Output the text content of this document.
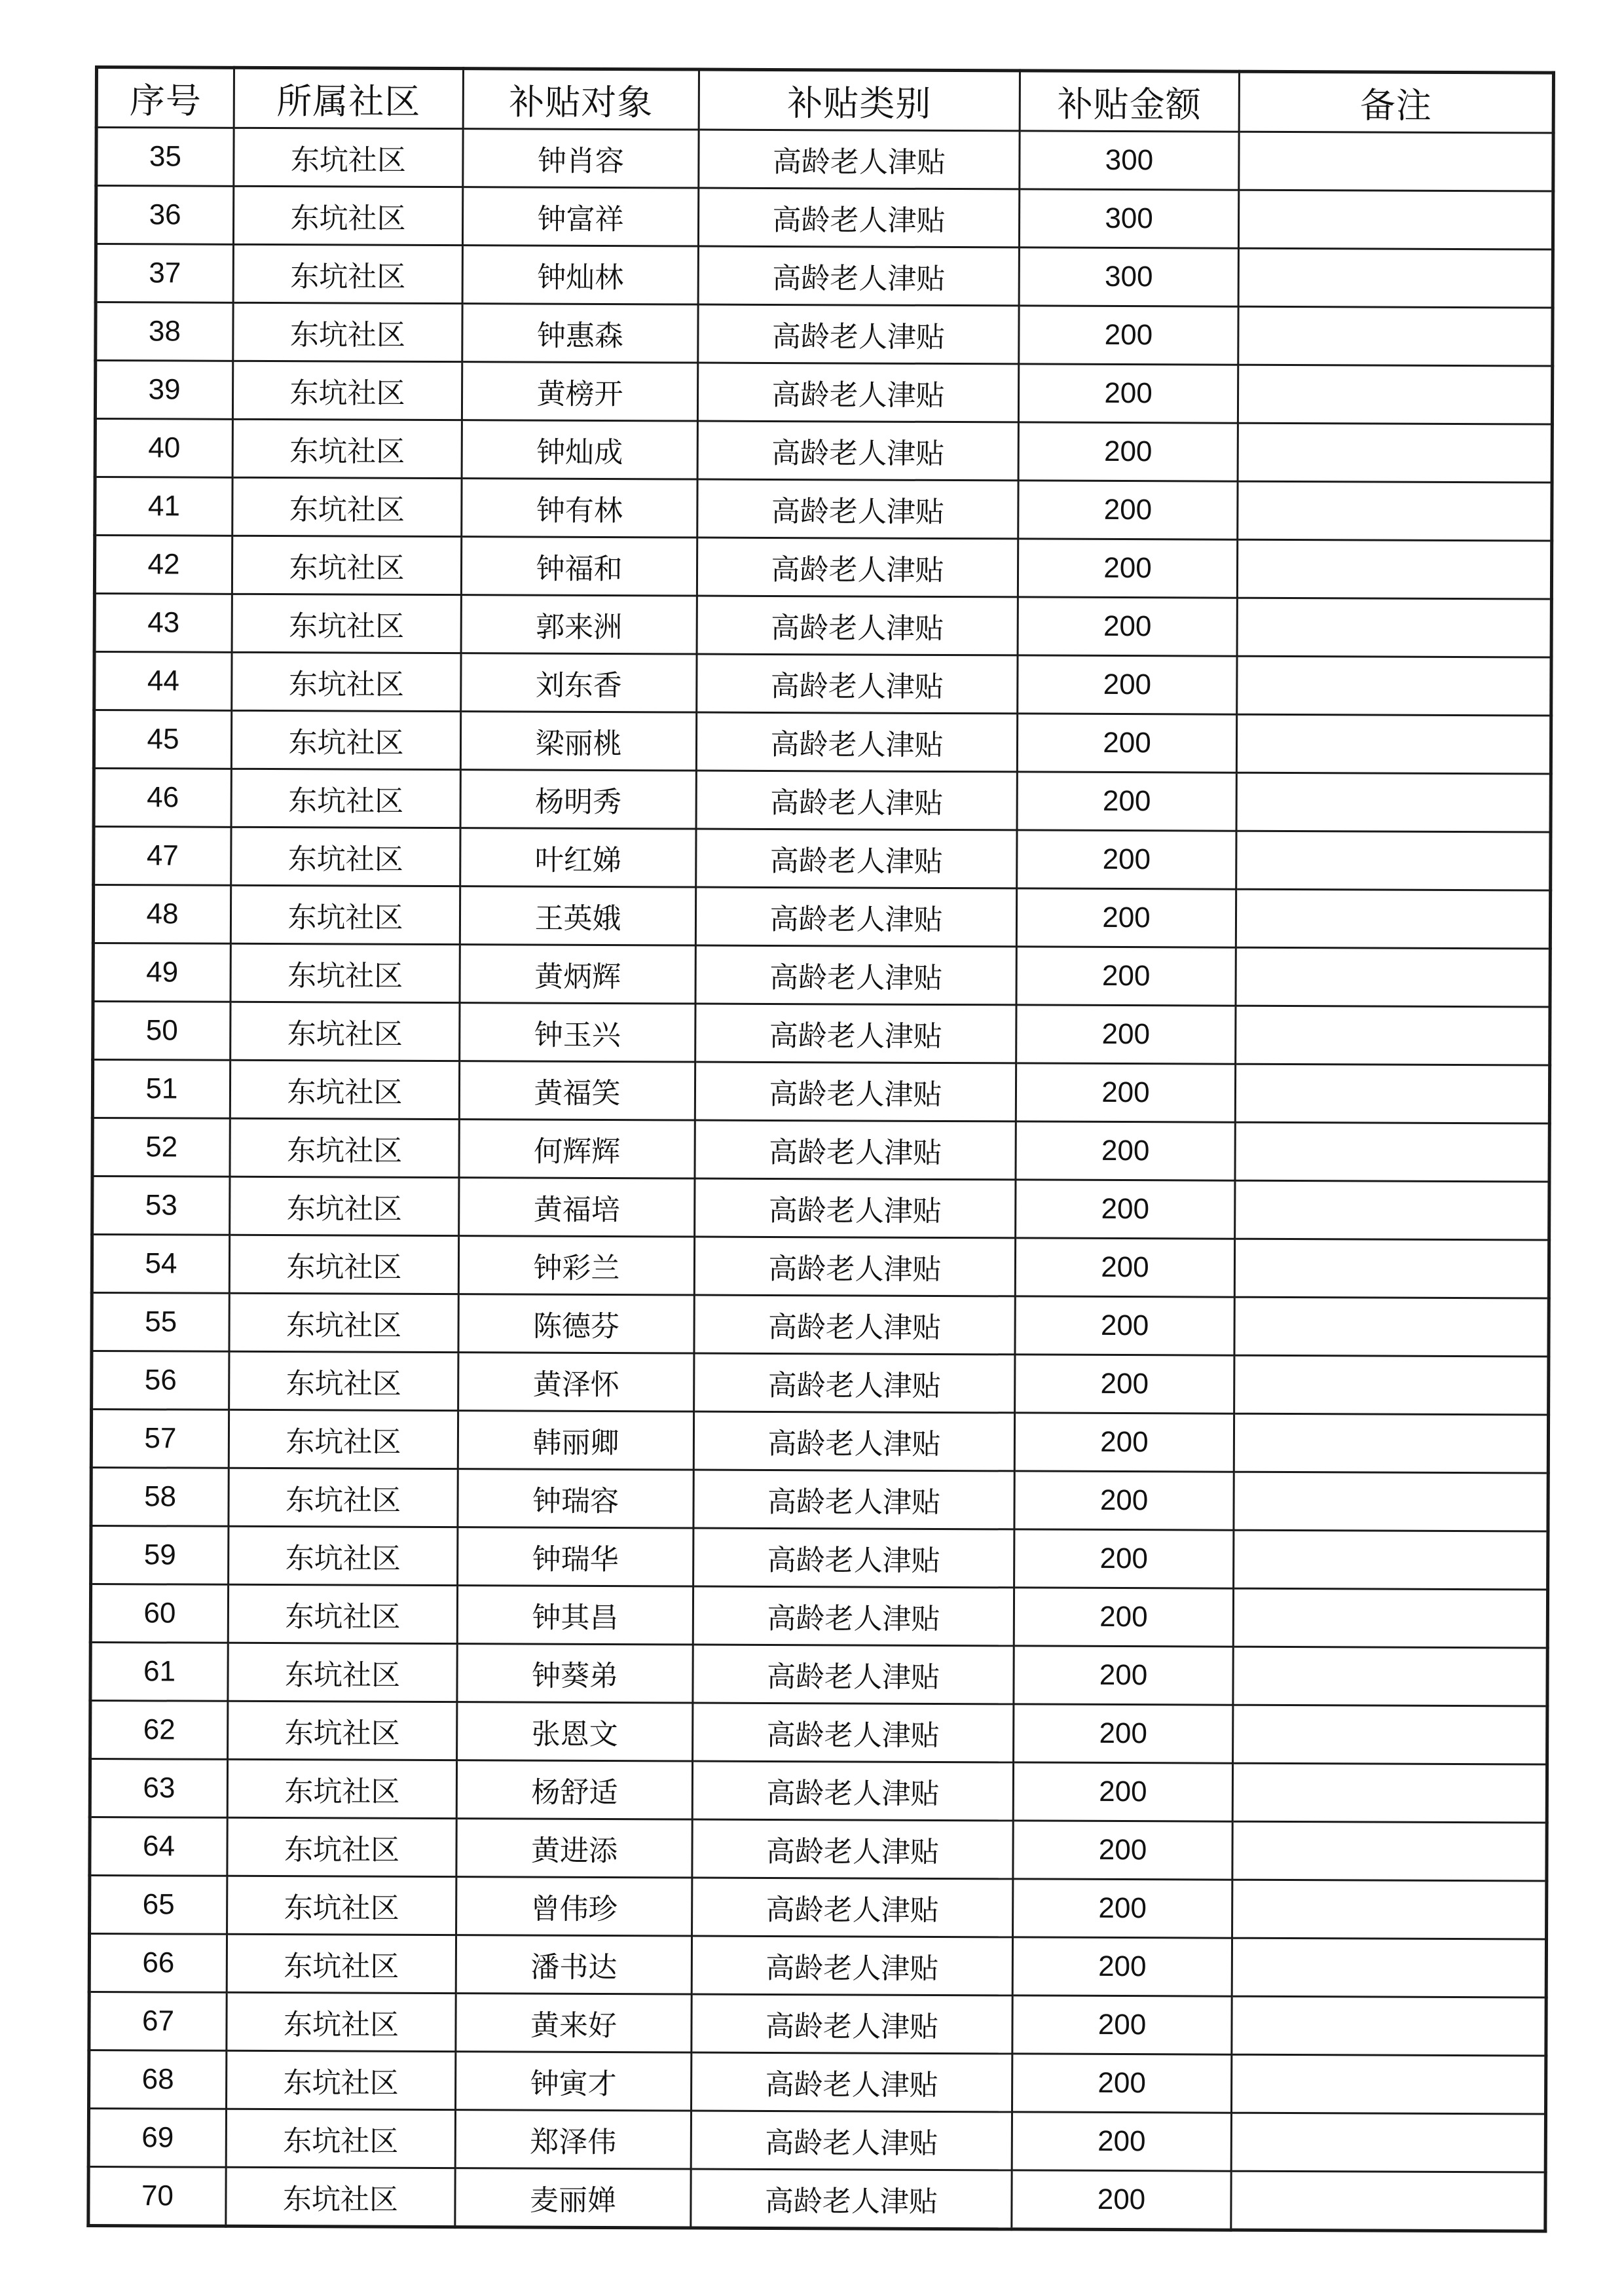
序号	所属社区	补贴对象	补贴类别	补贴金额	备注
35	东坑社区	钟肖容	高龄老人津贴	300	
36	东坑社区	钟富祥	高龄老人津贴	300	
37	东坑社区	钟灿林	高龄老人津贴	300	
38	东坑社区	钟惠森	高龄老人津贴	200	
39	东坑社区	黄榜开	高龄老人津贴	200	
40	东坑社区	钟灿成	高龄老人津贴	200	
41	东坑社区	钟有林	高龄老人津贴	200	
42	东坑社区	钟福和	高龄老人津贴	200	
43	东坑社区	郭来洲	高龄老人津贴	200	
44	东坑社区	刘东香	高龄老人津贴	200	
45	东坑社区	梁丽桃	高龄老人津贴	200	
46	东坑社区	杨明秀	高龄老人津贴	200	
47	东坑社区	叶红娣	高龄老人津贴	200	
48	东坑社区	王英娥	高龄老人津贴	200	
49	东坑社区	黄炳辉	高龄老人津贴	200	
50	东坑社区	钟玉兴	高龄老人津贴	200	
51	东坑社区	黄福笑	高龄老人津贴	200	
52	东坑社区	何辉辉	高龄老人津贴	200	
53	东坑社区	黄福培	高龄老人津贴	200	
54	东坑社区	钟彩兰	高龄老人津贴	200	
55	东坑社区	陈德芬	高龄老人津贴	200	
56	东坑社区	黄泽怀	高龄老人津贴	200	
57	东坑社区	韩丽卿	高龄老人津贴	200	
58	东坑社区	钟瑞容	高龄老人津贴	200	
59	东坑社区	钟瑞华	高龄老人津贴	200	
60	东坑社区	钟其昌	高龄老人津贴	200	
61	东坑社区	钟葵弟	高龄老人津贴	200	
62	东坑社区	张恩文	高龄老人津贴	200	
63	东坑社区	杨舒适	高龄老人津贴	200	
64	东坑社区	黄进添	高龄老人津贴	200	
65	东坑社区	曾伟珍	高龄老人津贴	200	
66	东坑社区	潘书达	高龄老人津贴	200	
67	东坑社区	黄来好	高龄老人津贴	200	
68	东坑社区	钟寅才	高龄老人津贴	200	
69	东坑社区	郑泽伟	高龄老人津贴	200	
70	东坑社区	麦丽婵	高龄老人津贴	200	
